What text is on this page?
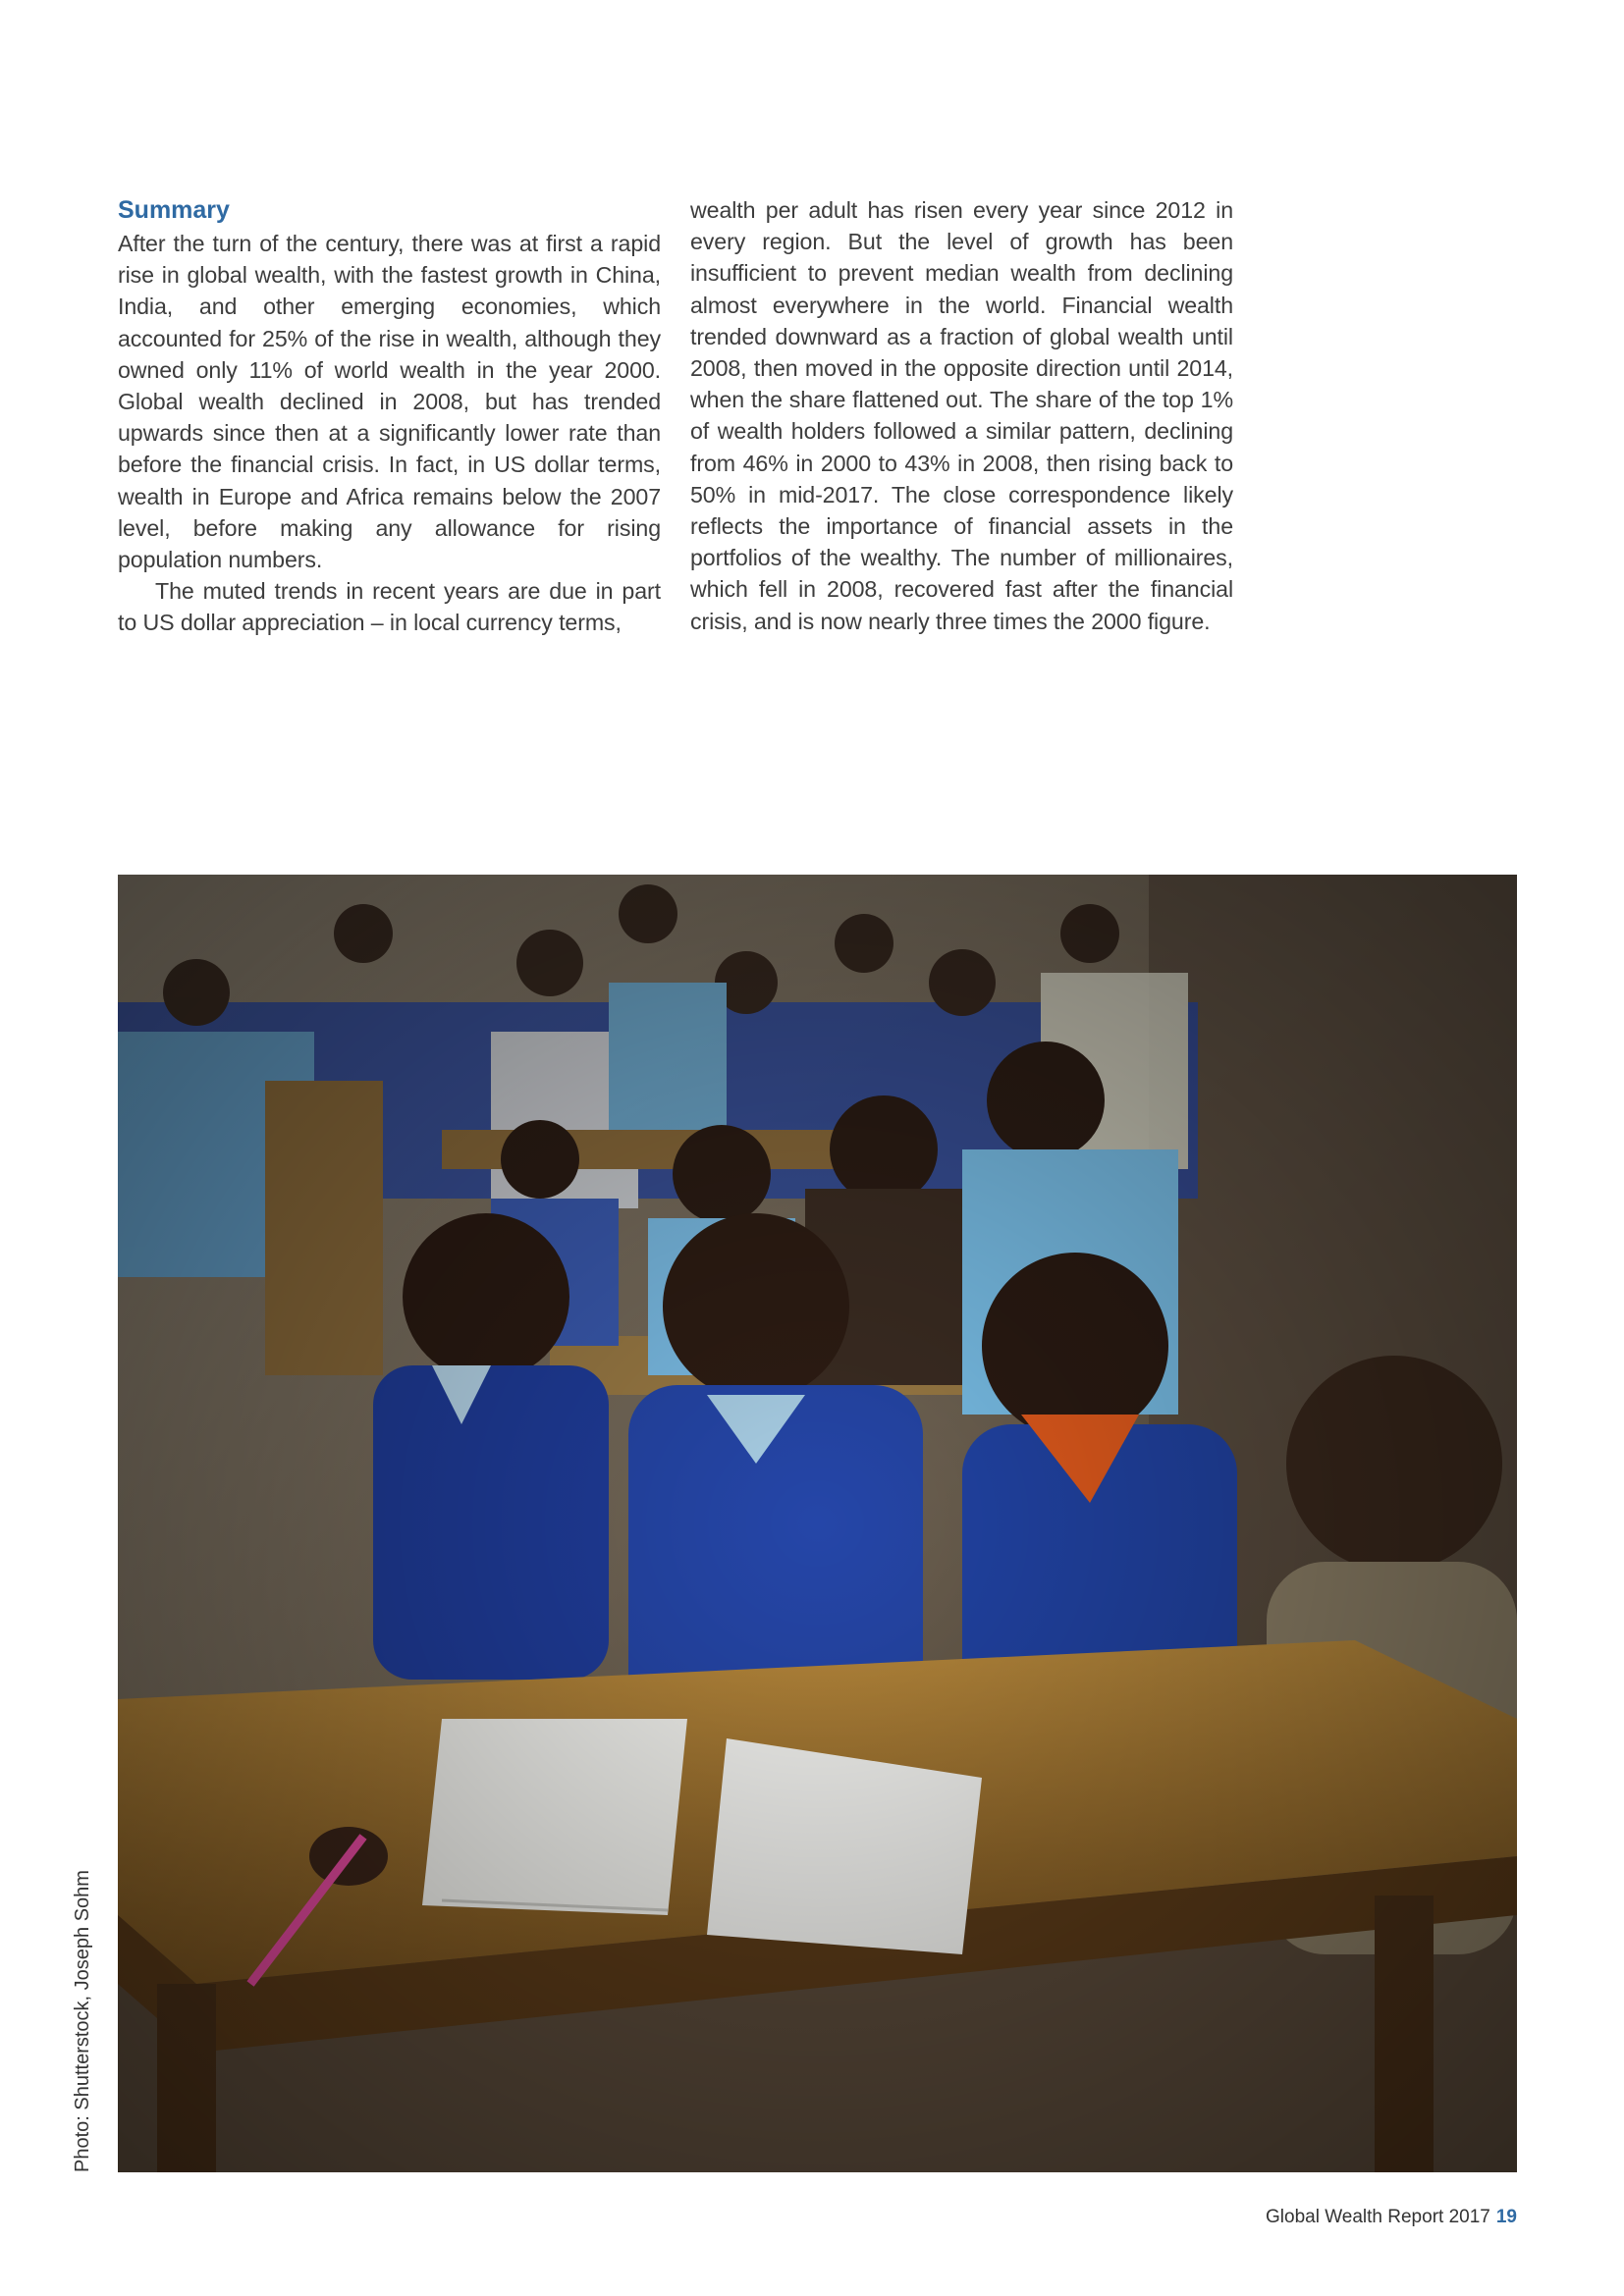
Summary

After the turn of the century, there was at first a rapid rise in global wealth, with the fastest growth in China, India, and other emerging economies, which accounted for 25% of the rise in wealth, although they owned only 11% of world wealth in the year 2000. Global wealth declined in 2008, but has trended upwards since then at a significantly lower rate than before the financial crisis. In fact, in US dollar terms, wealth in Europe and Africa remains below the 2007 level, before making any allowance for rising population numbers.

The muted trends in recent years are due in part to US dollar appreciation – in local currency terms,

wealth per adult has risen every year since 2012 in every region. But the level of growth has been insufficient to prevent median wealth from declining almost everywhere in the world. Financial wealth trended downward as a fraction of global wealth until 2008, then moved in the opposite direction until 2014, when the share flattened out. The share of the top 1% of wealth holders followed a similar pattern, declining from 46% in 2000 to 43% in 2008, then rising back to 50% in mid-2017. The close correspondence likely reflects the importance of financial assets in the portfolios of the wealthy. The number of millionaires, which fell in 2008, recovered fast after the financial crisis, and is now nearly three times the 2000 figure.

Photo: Shutterstock, Joseph Sohm
Global Wealth Report 2017 19
